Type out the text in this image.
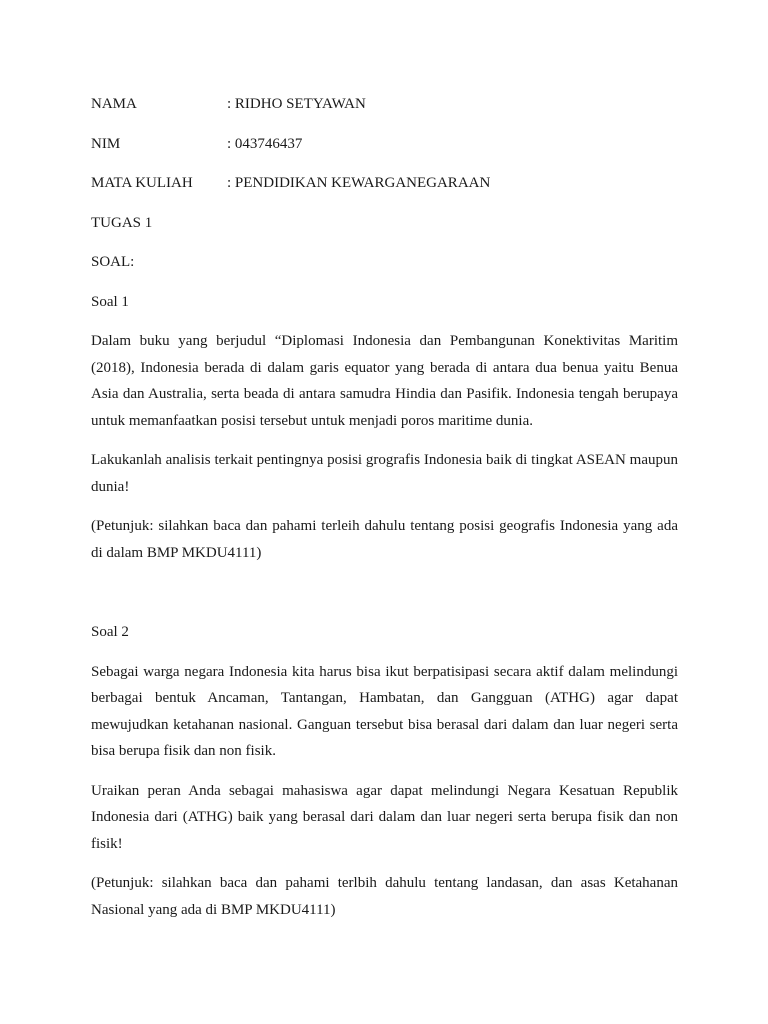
NAMA	: RIDHO SETYAWAN
NIM	: 043746437
MATA KULIAH	: PENDIDIKAN KEWARGANEGARAAN

TUGAS 1

SOAL:

Soal 1

Dalam buku yang berjudul “Diplomasi Indonesia dan Pembangunan Konektivitas Maritim (2018), Indonesia berada di dalam garis equator yang berada di antara dua benua yaitu Benua Asia dan Australia, serta beada di antara samudra Hindia dan Pasifik. Indonesia tengah berupaya untuk memanfaatkan posisi tersebut untuk menjadi poros maritime dunia.

Lakukanlah analisis terkait pentingnya posisi grografis Indonesia baik di tingkat ASEAN maupun dunia!

(Petunjuk: silahkan baca dan pahami terleih dahulu tentang posisi geografis Indonesia yang ada di dalam BMP MKDU4111)

Soal 2

Sebagai warga negara Indonesia kita harus bisa ikut berpatisipasi secara aktif dalam melindungi berbagai bentuk Ancaman, Tantangan, Hambatan, dan Gangguan (ATHG) agar dapat mewujudkan ketahanan nasional. Ganguan tersebut bisa berasal dari dalam dan luar negeri serta bisa berupa fisik dan non fisik.

Uraikan peran Anda sebagai mahasiswa agar dapat melindungi Negara Kesatuan Republik Indonesia dari (ATHG) baik yang berasal dari dalam dan luar negeri serta berupa fisik dan non fisik!

(Petunjuk: silahkan baca dan pahami terlbih dahulu tentang landasan, dan asas Ketahanan Nasional yang ada di BMP MKDU4111)
